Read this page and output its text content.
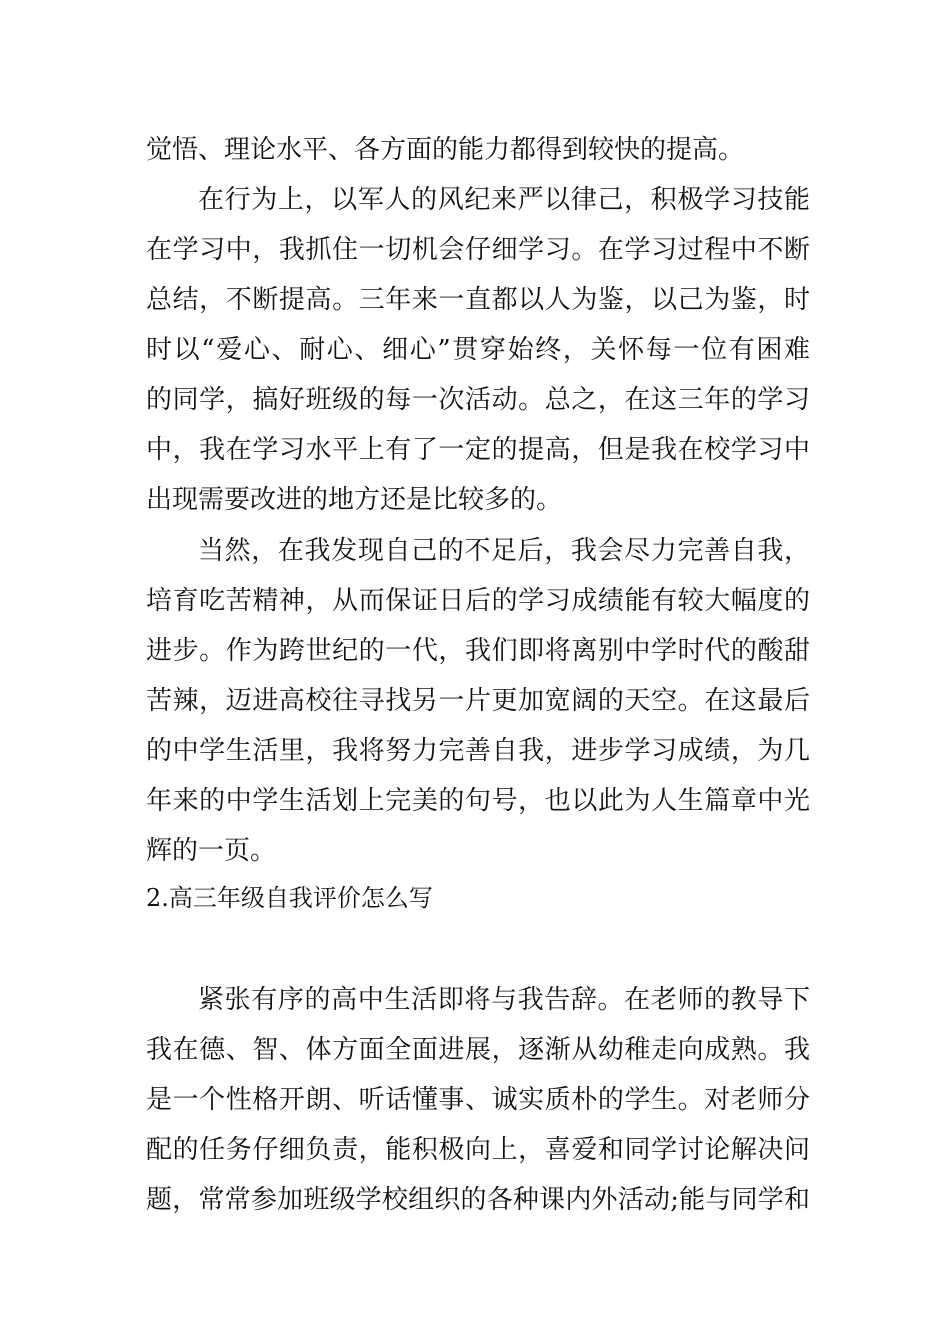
觉悟、理论水平、各方面的能力都得到较快的提高。
在行为上，以军人的风纪来严以律己，积极学习技能
在学习中，我抓住一切机会仔细学习。在学习过程中不断
总结，不断提高。三年来一直都以人为鉴，以己为鉴，时
时以“爱心、耐心、细心”贯穿始终，关怀每一位有困难
的同学，搞好班级的每一次活动。总之，在这三年的学习
中，我在学习水平上有了一定的提高，但是我在校学习中
出现需要改进的地方还是比较多的。
当然，在我发现自己的不足后，我会尽力完善自我，
培育吃苦精神，从而保证日后的学习成绩能有较大幅度的
进步。作为跨世纪的一代，我们即将离别中学时代的酸甜
苦辣，迈进高校往寻找另一片更加宽阔的天空。在这最后
的中学生活里，我将努力完善自我，进步学习成绩，为几
年来的中学生活划上完美的句号，也以此为人生篇章中光
辉的一页。
2.高三年级自我评价怎么写
紧张有序的高中生活即将与我告辞。在老师的教导下
我在德、智、体方面全面进展，逐渐从幼稚走向成熟。我
是一个性格开朗、听话懂事、诚实质朴的学生。对老师分
配的任务仔细负责，能积极向上，喜爱和同学讨论解决问
题，常常参加班级学校组织的各种课内外活动;能与同学和
